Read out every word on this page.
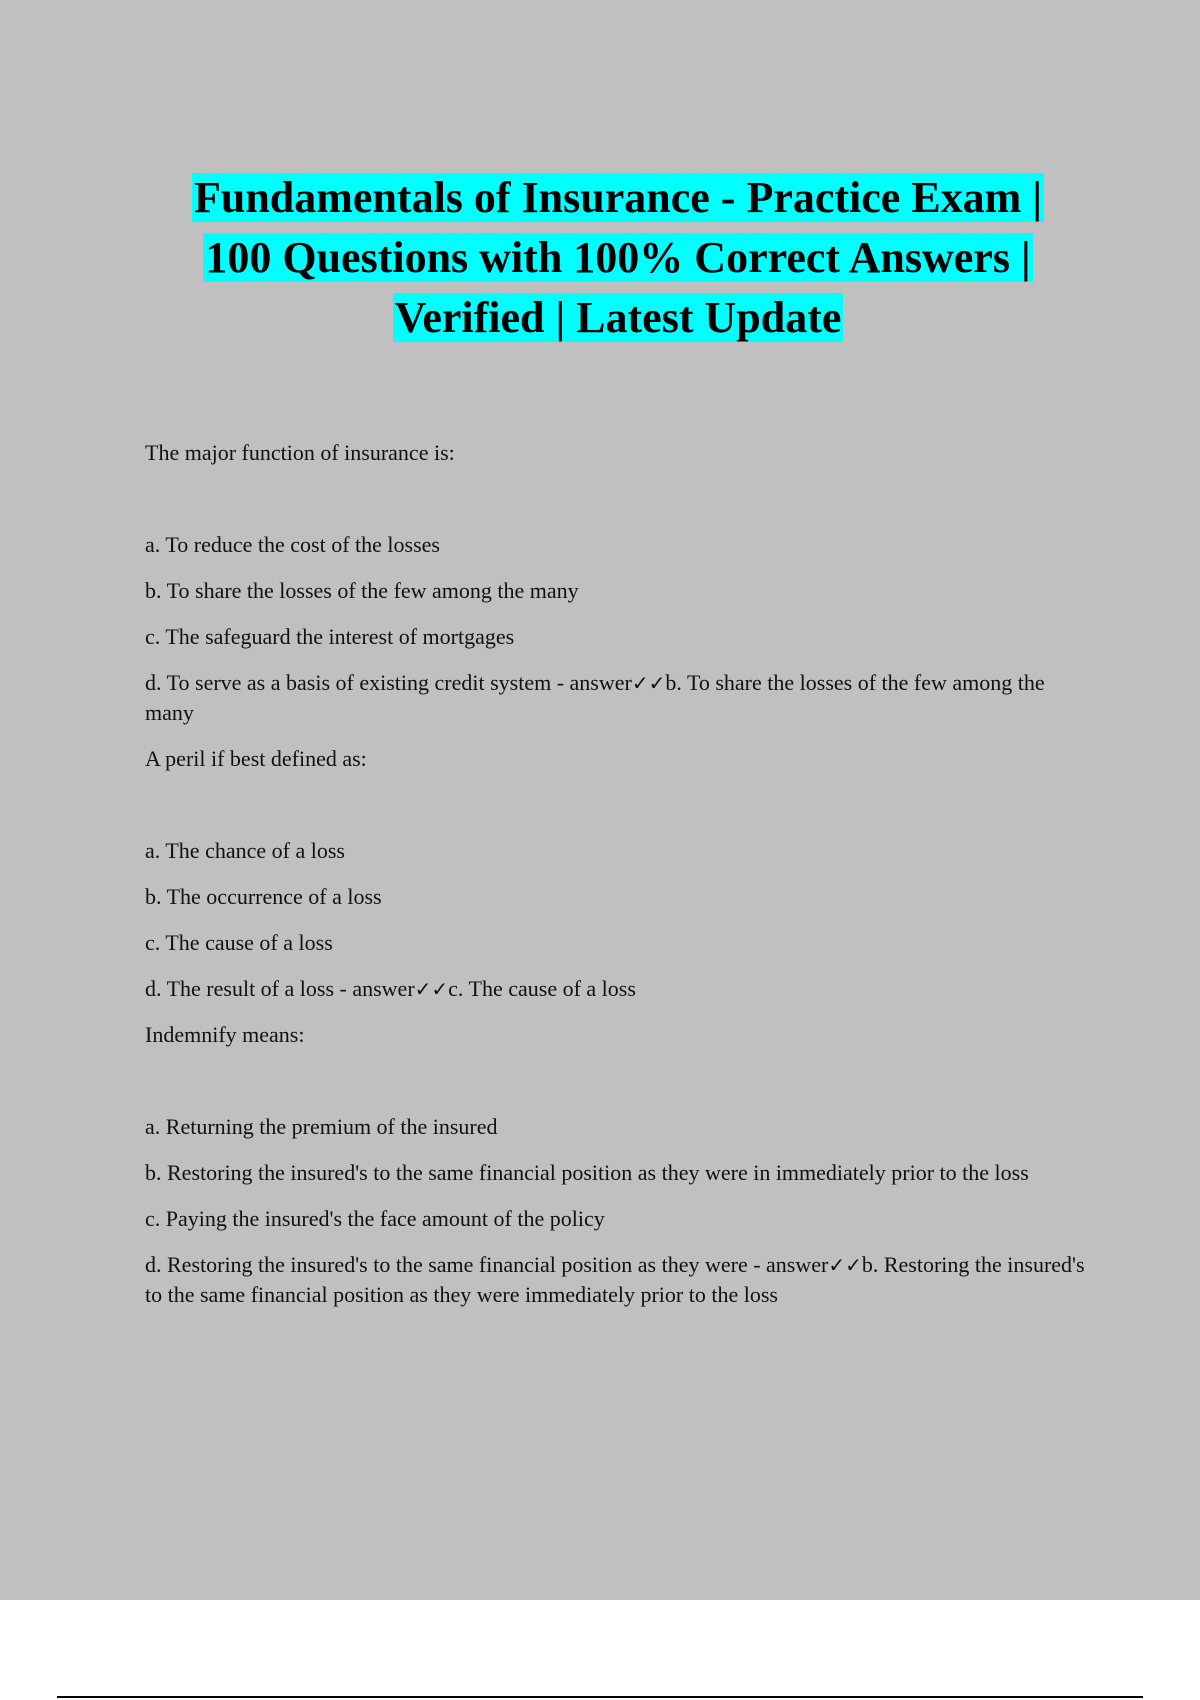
Fundamentals of Insurance - Practice Exam |
100 Questions with 100% Correct Answers |
Verified | Latest Update

The major function of insurance is:

a. To reduce the cost of the losses

b. To share the losses of the few among the many

c. The safeguard the interest of mortgages

d. To serve as a basis of existing credit system - answer✓✓b. To share the losses of the few among the many

A peril if best defined as:

a. The chance of a loss

b. The occurrence of a loss

c. The cause of a loss

d. The result of a loss - answer✓✓c. The cause of a loss

Indemnify means:

a. Returning the premium of the insured

b. Restoring the insured's to the same financial position as they were in immediately prior to the loss

c. Paying the insured's the face amount of the policy

d. Restoring the insured's to the same financial position as they were - answer✓✓b. Restoring the insured's to the same financial position as they were immediately prior to the loss
